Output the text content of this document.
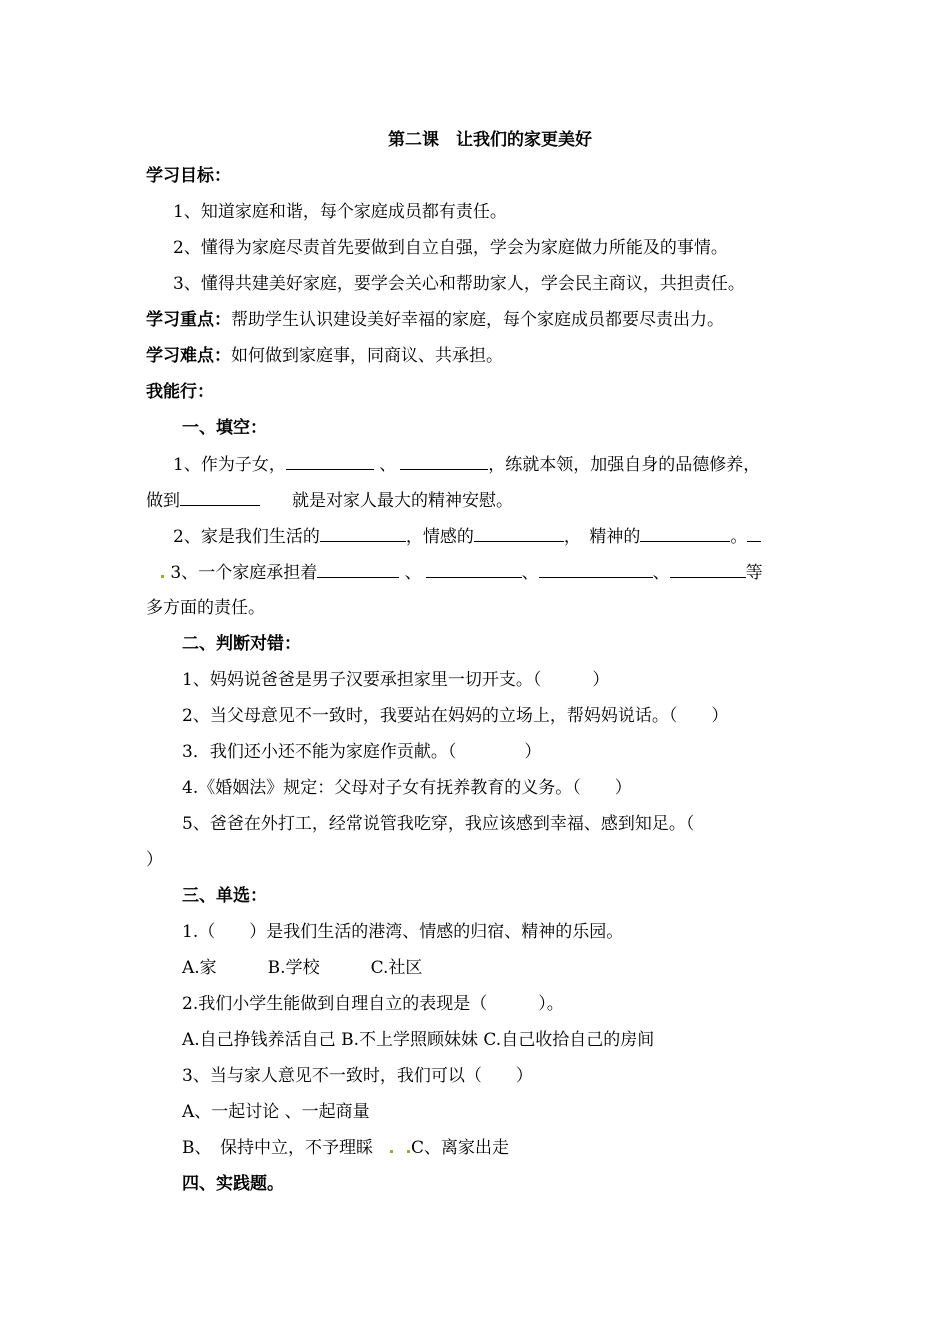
第二课　让我们的家更美好
学习目标：
1、知道家庭和谐，每个家庭成员都有责任。
2、懂得为家庭尽责首先要做到自立自强，学会为家庭做力所能及的事情。
3、懂得共建美好家庭，要学会关心和帮助家人，学会民主商议，共担责任。
学习重点：帮助学生认识建设美好幸福的家庭，每个家庭成员都要尽责出力。
学习难点：如何做到家庭事，同商议、共承担。
我能行：
一、填空：
1、作为子女，	、	，练就本领，加强自身的品德修养，
做到	就是对家人最大的精神安慰。
2、家是我们生活的	，情感的	，　精神的	。
3、一个家庭承担着	、	、	、	等
多方面的责任。
二、判断对错：
1、妈妈说爸爸是男子汉要承担家里一切开支。（　　　）
2、当父母意见不一致时，我要站在妈妈的立场上，帮妈妈说话。（　　）
3．我们还小还不能为家庭作贡献。（　　　　）
4.《婚姻法》规定：父母对子女有抚养教育的义务。（　　）
5、爸爸在外打工，经常说管我吃穿，我应该感到幸福、感到知足。（
）
三、单选：
1.（　　）是我们生活的港湾、情感的归宿、精神的乐园。
A.家　　　B.学校　　　C.社区
2.我们小学生能做到自理自立的表现是（　　　）。
A.自己挣钱养活自己 B.不上学照顾妹妹 C.自己收拾自己的房间
3、当与家人意见不一致时，我们可以（　　）
A、一起讨论 、一起商量
B、　保持中立，不予理睬 C、离家出走
四、实践题。
